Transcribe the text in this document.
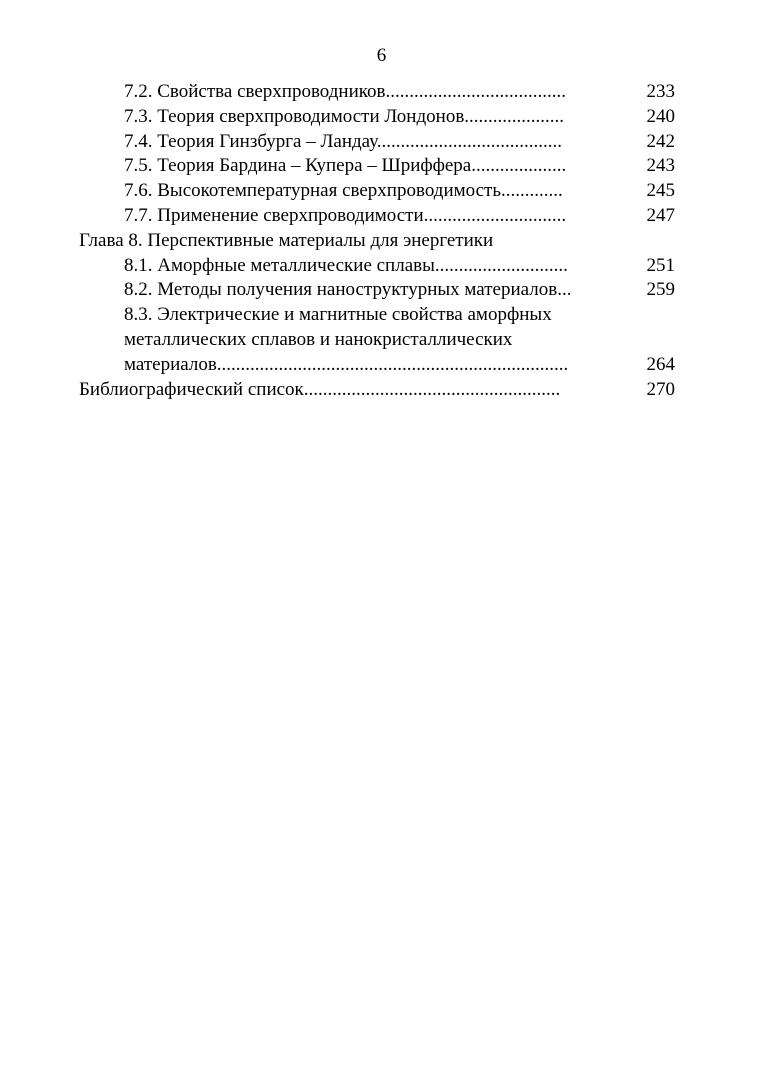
6
7.2. Свойства сверхпроводников......................................	233
7.3. Теория сверхпроводимости Лондонов.....................	240
7.4. Теория Гинзбурга – Ландау.......................................	242
7.5. Теория Бардина – Купера – Шриффера....................	243
7.6. Высокотемпературная сверхпроводимость.............	245
7.7. Применение сверхпроводимости..............................	247
Глава 8. Перспективные материалы для энергетики
8.1. Аморфные металлические сплавы............................	251
8.2. Методы получения наноструктурных материалов...	259
8.3. Электрические и магнитные свойства аморфных
металлических сплавов и нанокристаллических
материалов..........................................................................	264
Библиографический список......................................................	270
